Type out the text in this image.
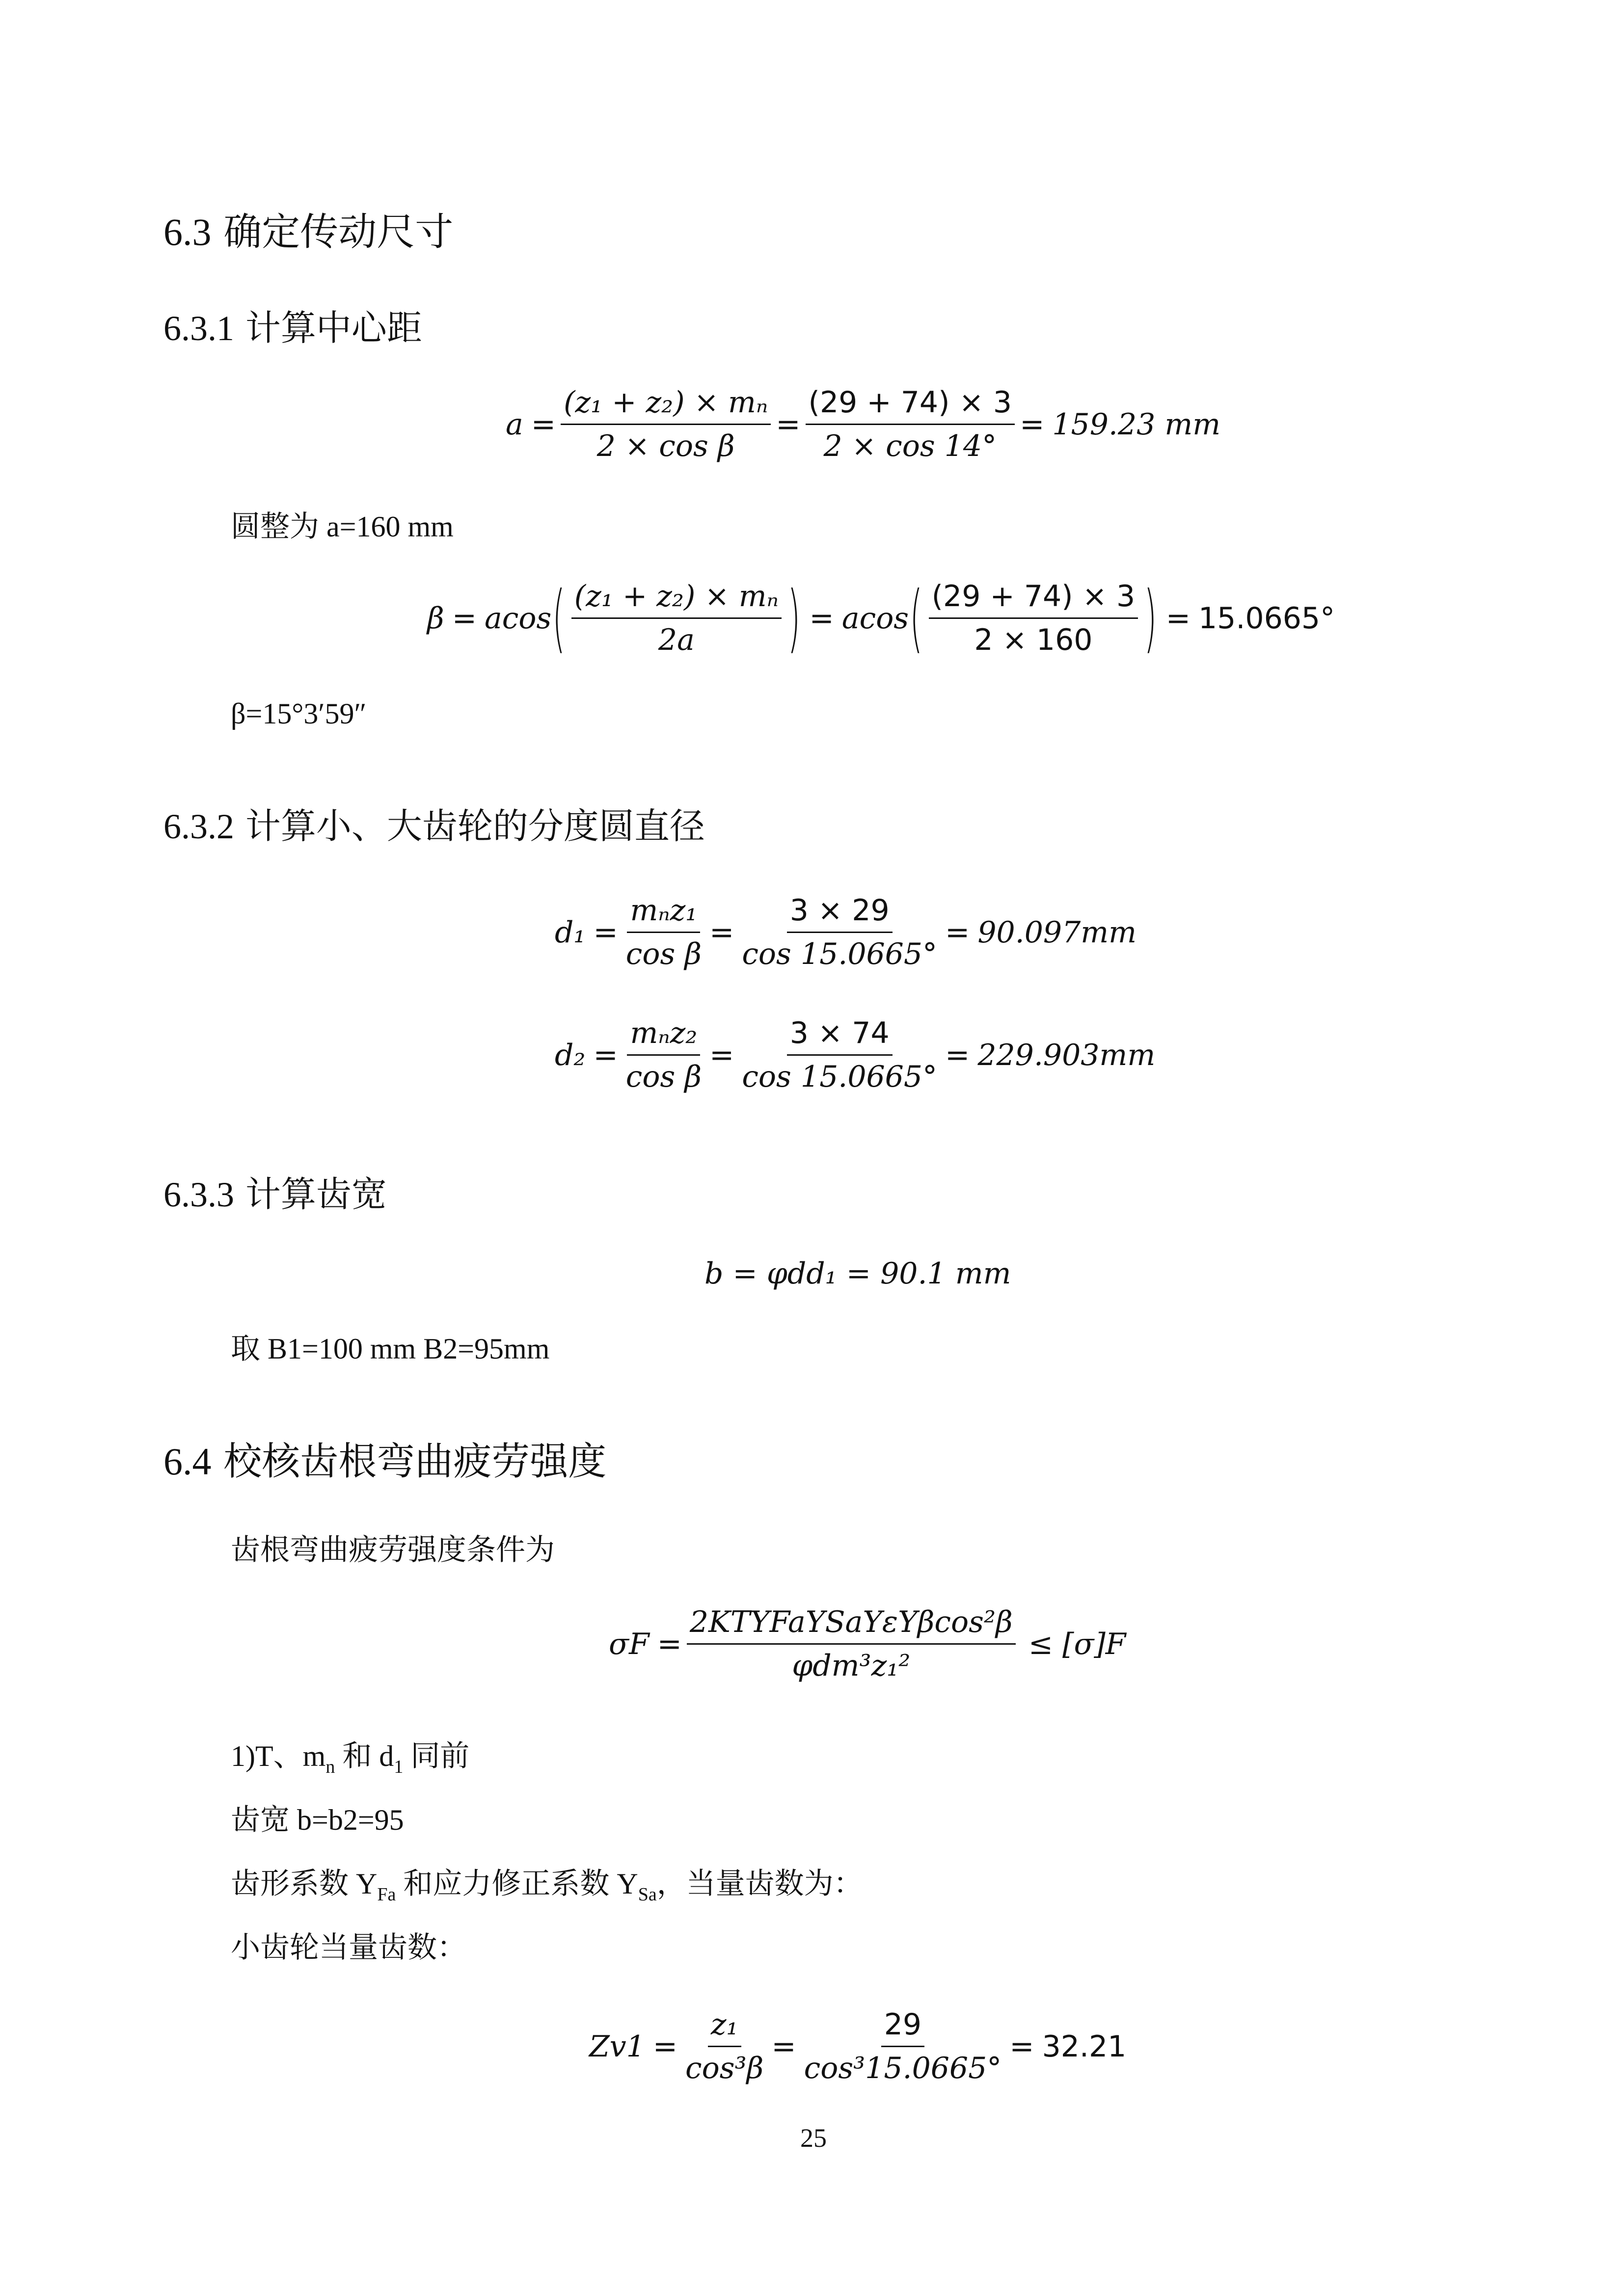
6.3 确定传动尺寸
6.3.1 计算中心距
$a = \frac{\text{(z₁ + z₂) × mₙ}}{\text{2 × cos β}} = \frac{(29 + 74) \times 3}{2 \times \cos 14^\circ} = 159.23$ mm
圆整为 a=160 mm
β = acos ( $\frac{\text{(z₁ + z₂) × mₙ}}{2a}$ ) = acos ( $\frac{(29 + 74) \times 3}{2 \times 160}$ ) = 15.0665°
β=15°3′59″
6.3.2 计算小、大齿轮的分度圆直径
$d_1 = \frac{\text{mₙz₁}}{\text{cos β}} = \frac{3 \times 29}{\cos 15.0665^\circ} = 90.097mm$
$d_2 = \frac{\text{mₙz₂}}{\text{cos β}} = \frac{3 \times 74}{\cos 15.0665^\circ} = 229.903mm$
6.3.3 计算齿宽
b = φdd₁ = 90.1 mm
取 B1=100 mm B2=95mm
6.4 校核齿根弯曲疲劳强度
齿根弯曲疲劳强度条件为
$\sigma F = \frac{\text{2KTYFaYSaYεYβcos²β}}{\text{φdm³z₁²}} \le [\sigma]F$
1)T、$m_n$ 和 $d_1$ 同前
齿宽 b=b2=95
齿形系数 $Y_{Fa}$ 和应力修正系数 $Y_{Sa}$，当量齿数为：
小齿轮当量齿数：
$Zv1 = \frac{\text{z₁}}{\text{cos³β}} = \frac{29}{\text{cos³15.0665°}} = 32.21$
25
